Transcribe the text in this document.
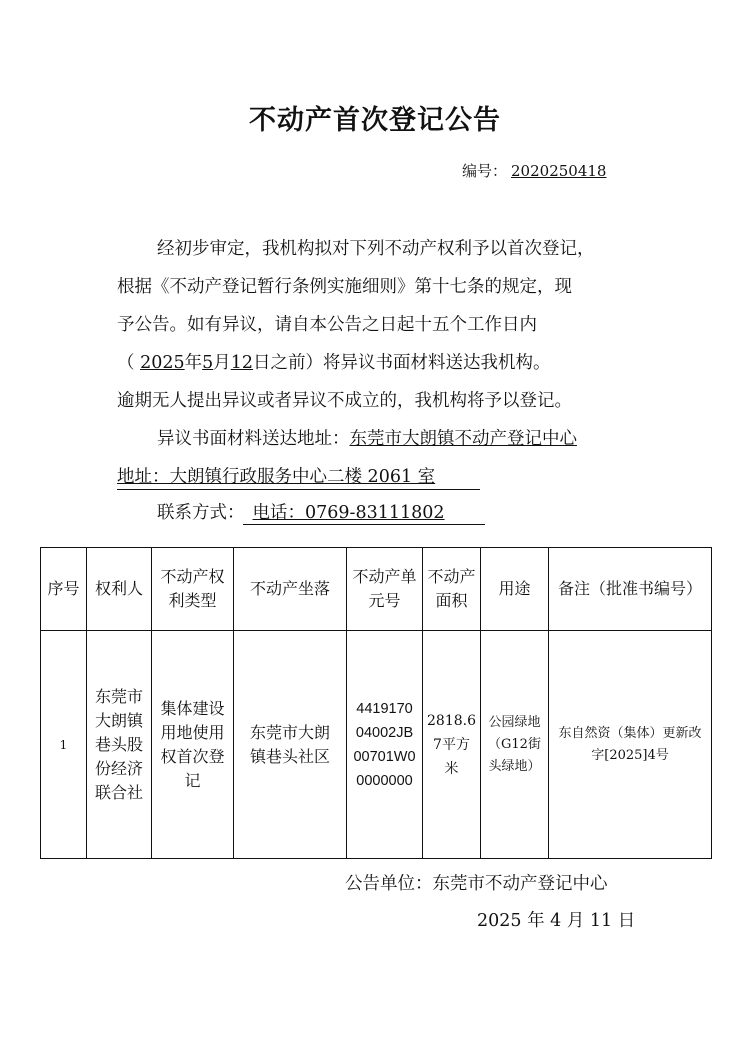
不动产首次登记公告
编号： 2020250418
经初步审定，我机构拟对下列不动产权利予以首次登记，
根据《不动产登记暂行条例实施细则》第十七条的规定，现
予公告。如有异议，请自本公告之日起十五个工作日内
（ 2025年5月12日之前）将异议书面材料送达我机构。
逾期无人提出异议或者异议不成立的，我机构将予以登记。
异议书面材料送达地址：东莞市大朗镇不动产登记中心
地址：大朗镇行政服务中心二楼 2061 室
联系方式： 电话：0769-83111802
序号	权利人	不动产权利类型	不动产坐落	不动产单元号	不动产面积	用途	备注（批准书编号）
1	东莞市大朗镇巷头股份经济联合社	集体建设用地使用权首次登记	东莞市大朗镇巷头社区	441917004002JB00701W00000000	2818.67平方米	公园绿地（G12街头绿地）	东自然资（集体）更新改字[2025]4号
公告单位：东莞市不动产登记中心
2025 年 4 月 11 日
